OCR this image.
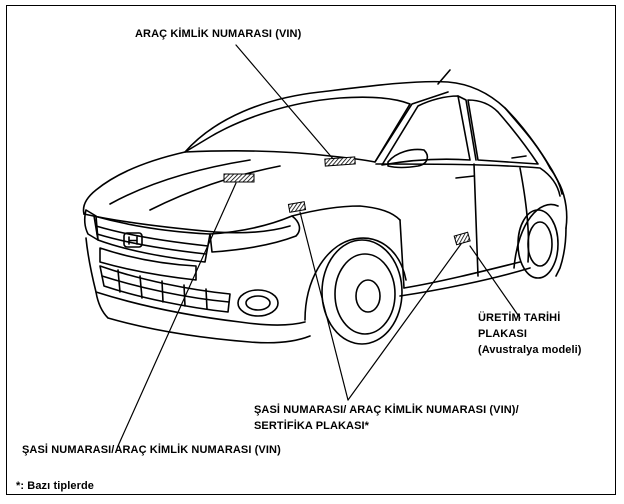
ARAÇ KİMLİK NUMARASI (VIN)
ÜRETİM TARİHİ
PLAKASI
(Avustralya modeli)
ŞASİ NUMARASI/ ARAÇ KİMLİK NUMARASI (VIN)/
SERTİFİKA PLAKASI*
ŞASİ NUMARASI/ARAÇ KİMLİK NUMARASI (VIN)
*: Bazı tiplerde
